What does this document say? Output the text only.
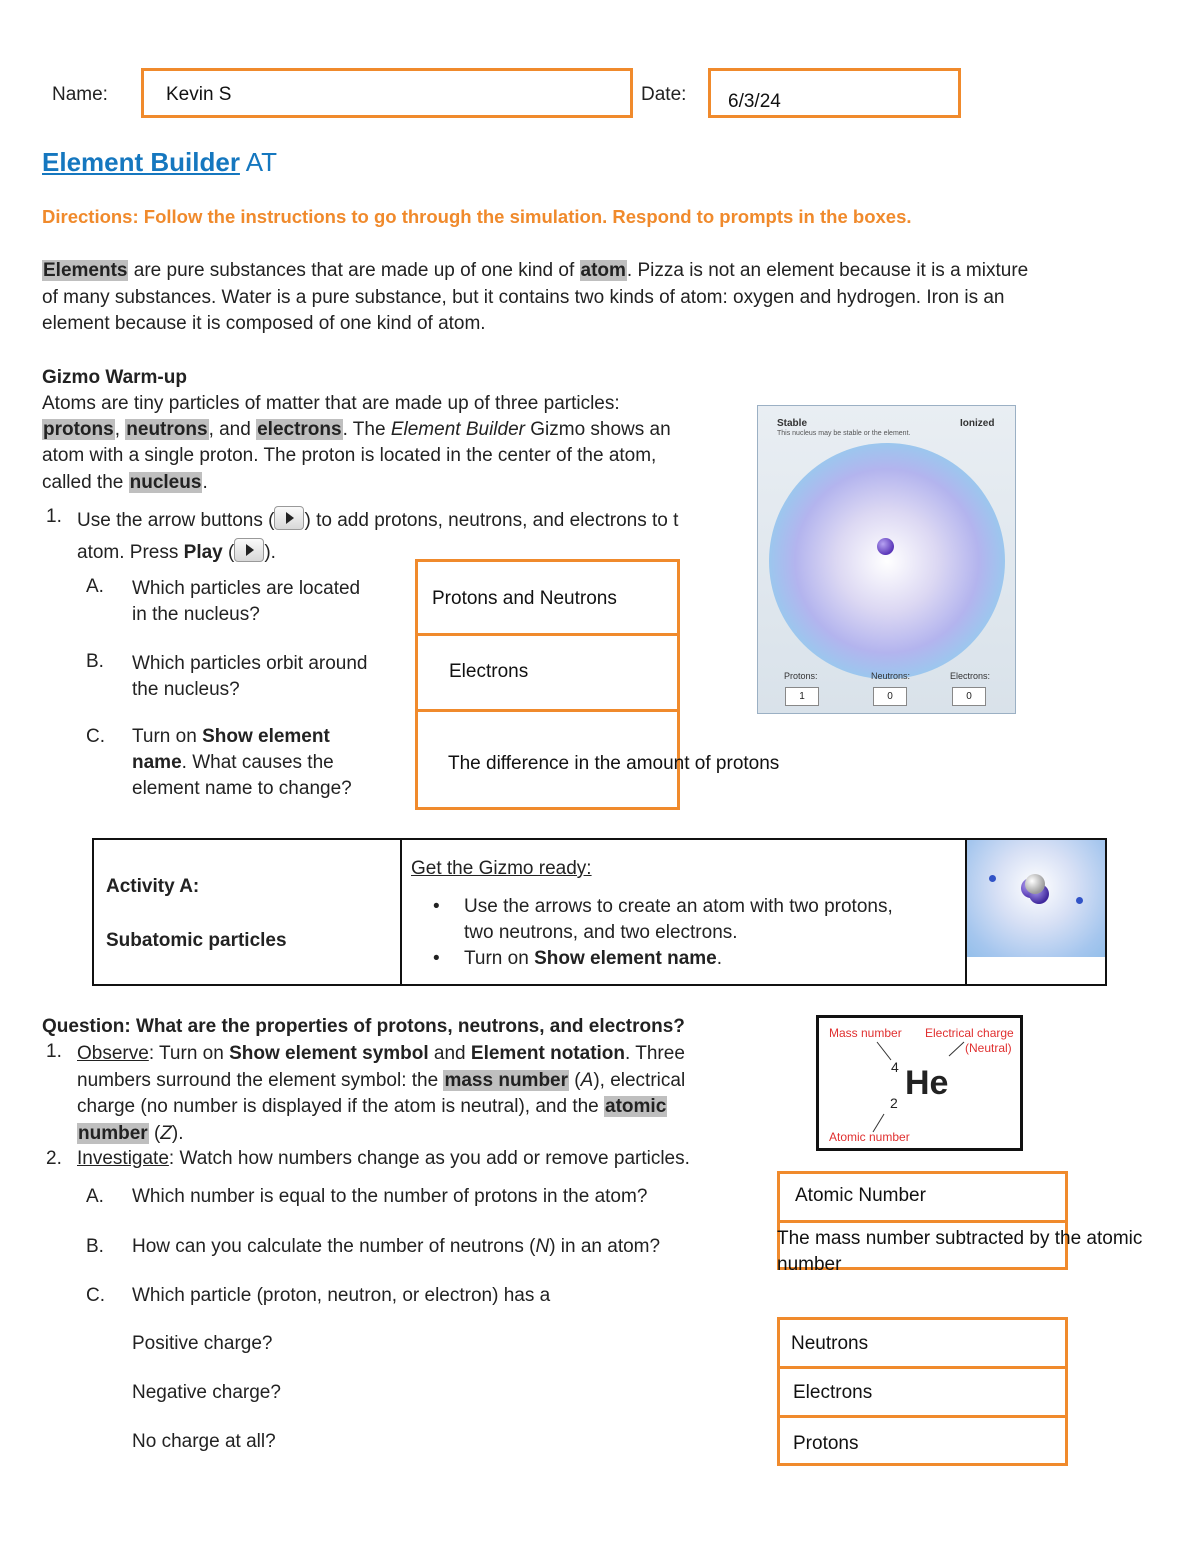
Name:	Kevin S	Date: 6/3/24
Element Builder AT
Directions: Follow the instructions to go through the simulation. Respond to prompts in the boxes.
Elements are pure substances that are made up of one kind of atom. Pizza is not an element because it is a mixture
of many substances. Water is a pure substance, but it contains two kinds of atom: oxygen and hydrogen. Iron is an
element because it is composed of one kind of atom.
Gizmo Warm-up
Atoms are tiny particles of matter that are made up of three particles:
protons, neutrons, and electrons. The Element Builder Gizmo shows an
atom with a single proton. The proton is located in the center of the atom,
called the nucleus.
1. Use the arrow buttons ( ) to add protons, neutrons, and electrons to t
atom. Press Play ( ).
A. Which particles are located
in the nucleus?
B. Which particles orbit around
the nucleus?
C. Turn on Show element
name. What causes the
element name to change?
Protons and Neutrons
Electrons
The difference in the amount of protons
Stable
This nucleus may be stable or the element.
Ionized
Protons:	Neutrons:	Electrons:
1	0	0
Activity A:
Subatomic particles

Get the Gizmo ready:
• Use the arrows to create an atom with two protons,
two neutrons, and two electrons.
• Turn on Show element name.

Question: What are the properties of protons, neutrons, and electrons?
1. Observe: Turn on Show element symbol and Element notation. Three
numbers surround the element symbol: the mass number (A), electrical
charge (no number is displayed if the atom is neutral), and the atomic
number (Z).
2. Investigate: Watch how numbers change as you add or remove particles.
A. Which number is equal to the number of protons in the atom?
B. How can you calculate the number of neutrons (N) in an atom?
C. Which particle (proton, neutron, or electron) has a
Positive charge?
Negative charge?
No charge at all?
Mass number Electrical charge
(Neutral)
4 He
2
Atomic number
Atomic Number
The mass number subtracted by the atomic
number
Neutrons
Electrons
Protons
